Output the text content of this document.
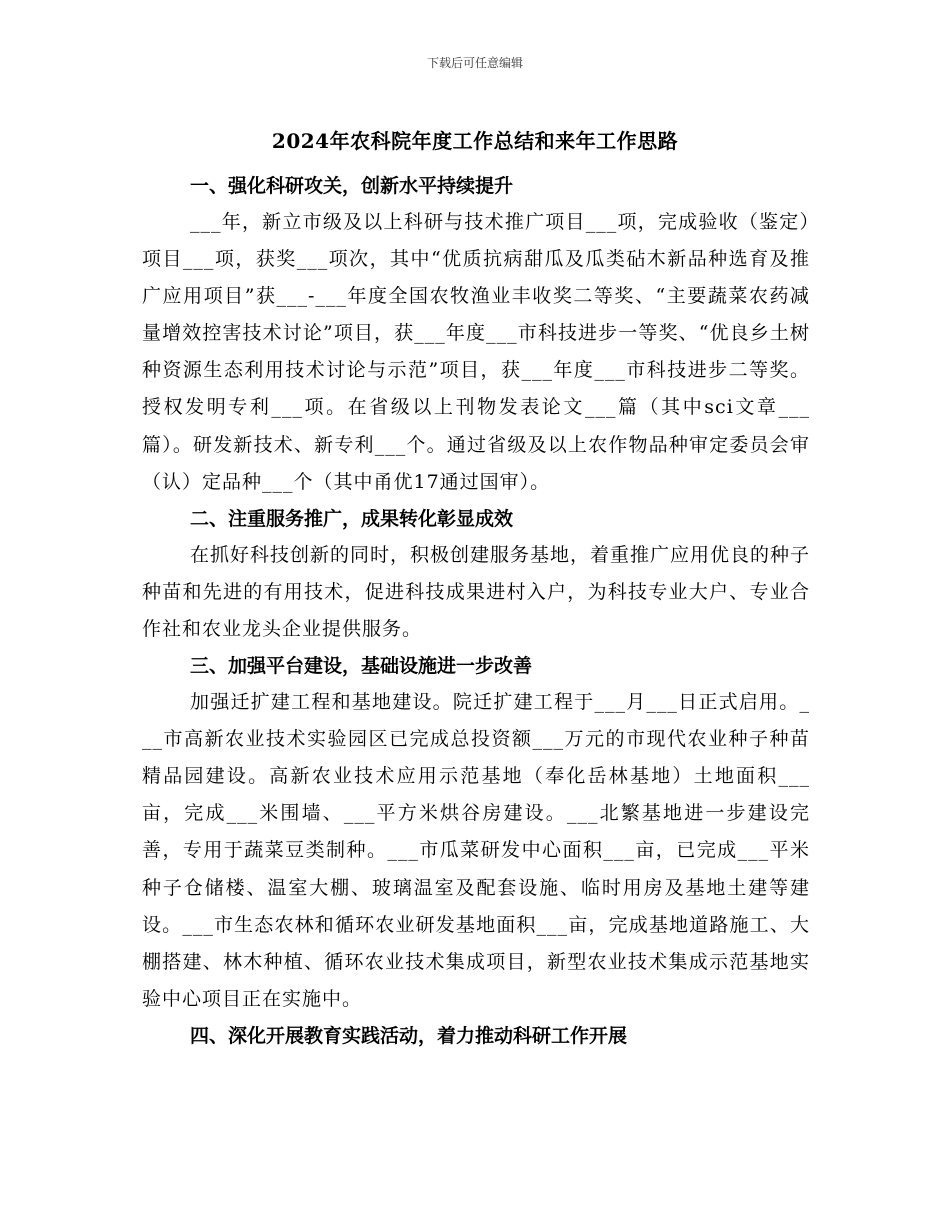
下载后可任意编辑
2024年农科院年度工作总结和来年工作思路

一、强化科研攻关，创新水平持续提升

___年，新立市级及以上科研与技术推广项目___项，完成验收（鉴定）项目___项，获奖___项次，其中“优质抗病甜瓜及瓜类砧木新品种选育及推广应用项目”获___-___年度全国农牧渔业丰收奖二等奖、“主要蔬菜农药减量增效控害技术讨论”项目，获___年度___市科技进步一等奖、“优良乡土树种资源生态利用技术讨论与示范”项目，获___年度___市科技进步二等奖。授权发明专利___项。在省级以上刊物发表论文___篇（其中sci文章___篇）。研发新技术、新专利___个。通过省级及以上农作物品种审定委员会审（认）定品种___个（其中甬优17通过国审）。

二、注重服务推广，成果转化彰显成效

在抓好科技创新的同时，积极创建服务基地，着重推广应用优良的种子种苗和先进的有用技术，促进科技成果进村入户，为科技专业大户、专业合作社和农业龙头企业提供服务。

三、加强平台建设，基础设施进一步改善

加强迁扩建工程和基地建设。院迁扩建工程于___月___日正式启用。___市高新农业技术实验园区已完成总投资额___万元的市现代农业种子种苗精品园建设。高新农业技术应用示范基地（奉化岳林基地）土地面积___亩，完成___米围墙、___平方米烘谷房建设。___北繁基地进一步建设完善，专用于蔬菜豆类制种。___市瓜菜研发中心面积___亩，已完成___平米种子仓储楼、温室大棚、玻璃温室及配套设施、临时用房及基地土建等建设。___市生态农林和循环农业研发基地面积___亩，完成基地道路施工、大棚搭建、林木种植、循环农业技术集成项目，新型农业技术集成示范基地实验中心项目正在实施中。

四、深化开展教育实践活动，着力推动科研工作开展
